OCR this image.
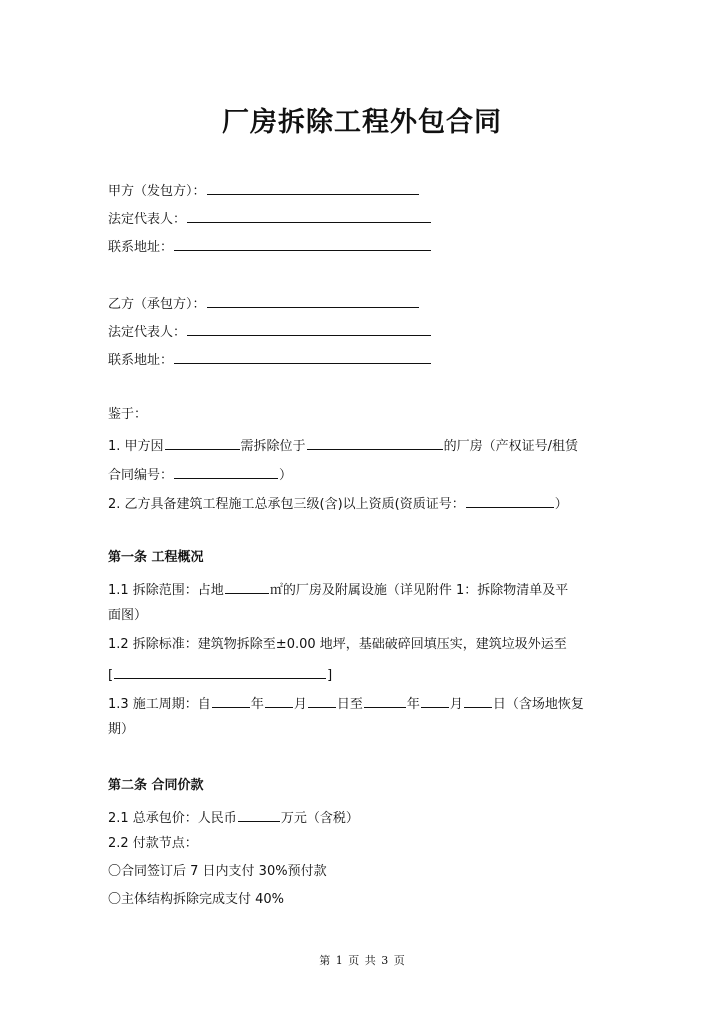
厂房拆除工程外包合同
甲方（发包方）：
法定代表人：
联系地址：
乙方（承包方）：
法定代表人：
联系地址：
鉴于：
1. 甲方因	需拆除位于	的厂房（产权证号/租赁
合同编号：	）
2. 乙方具备建筑工程施工总承包三级(含)以上资质(资质证号：	）
第一条 工程概况
1.1 拆除范围：占地	㎡的厂房及附属设施（详见附件 1：拆除物清单及平
面图）
1.2 拆除标准：建筑物拆除至±0.00 地坪，基础破碎回填压实，建筑垃圾外运至
[	]
1.3 施工周期：自	年 月 日至	年 月 日（含场地恢复
期）
第二条 合同价款
2.1 总承包价：人民币	万元（含税）
2.2 付款节点：
〇合同签订后 7 日内支付 30%预付款
〇主体结构拆除完成支付 40%
第 1 页 共 3 页
